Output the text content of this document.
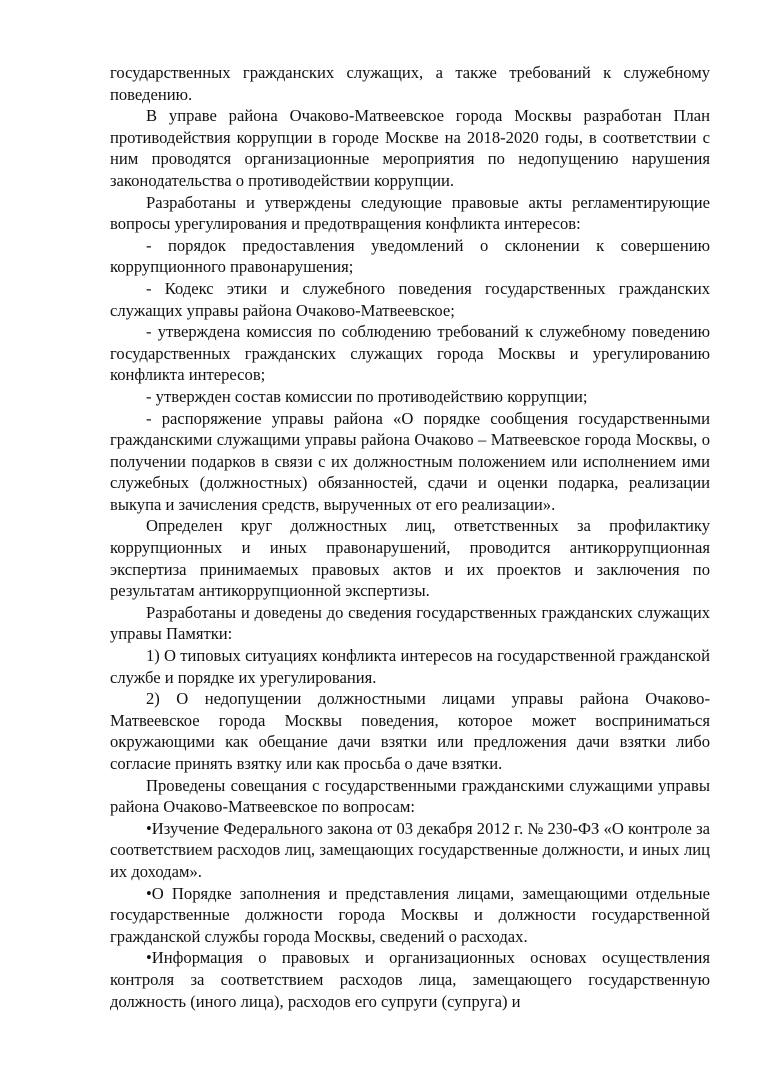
государственных гражданских служащих, а также требований к служебному поведению.

В управе района Очаково-Матвеевское города Москвы разработан План противодействия коррупции в городе Москве на 2018-2020 годы, в соответствии с ним проводятся организационные мероприятия по недопущению нарушения законодательства о противодействии коррупции.

Разработаны и утверждены следующие правовые акты регламентирующие вопросы урегулирования и предотвращения конфликта интересов:

- порядок предоставления уведомлений о склонении к совершению коррупционного правонарушения;

- Кодекс этики и служебного поведения государственных гражданских служащих управы района Очаково-Матвеевское;

- утверждена комиссия по соблюдению требований к служебному поведению государственных гражданских служащих города Москвы и урегулированию конфликта интересов;

- утвержден состав комиссии по противодействию коррупции;

- распоряжение управы района «О порядке сообщения государственными гражданскими служащими управы района Очаково – Матвеевское города Москвы, о получении подарков в связи с их должностным положением или исполнением ими служебных (должностных) обязанностей, сдачи и оценки подарка, реализации выкупа и зачисления средств, вырученных от его реализации».

Определен круг должностных лиц, ответственных за профилактику коррупционных и иных правонарушений, проводится антикоррупционная экспертиза принимаемых правовых актов и их проектов и заключения по результатам антикоррупционной экспертизы.

Разработаны и доведены до сведения государственных гражданских служащих управы Памятки:

1) О типовых ситуациях конфликта интересов на государственной гражданской службе и порядке их урегулирования.

2) О недопущении должностными лицами управы района Очаково-Матвеевское города Москвы поведения, которое может восприниматься окружающими как обещание дачи взятки или предложения дачи взятки либо согласие принять взятку или как просьба о даче взятки.

Проведены совещания с государственными гражданскими служащими управы района Очаково-Матвеевское по вопросам:

•Изучение Федерального закона от 03 декабря 2012 г. № 230-ФЗ «О контроле за соответствием расходов лиц, замещающих государственные должности, и иных лиц их доходам».

•О Порядке заполнения и представления лицами, замещающими отдельные государственные должности города Москвы и должности государственной гражданской службы города Москвы, сведений о расходах.

•Информация о правовых и организационных основах осуществления контроля за соответствием расходов лица, замещающего государственную должность (иного лица), расходов его супруги (супруга) и
